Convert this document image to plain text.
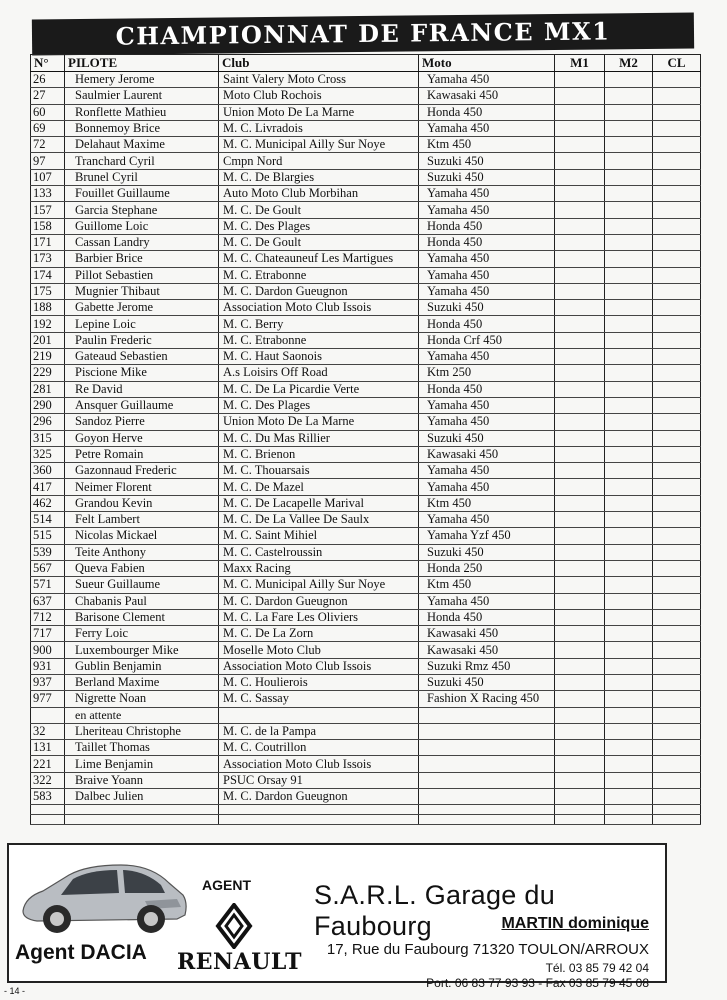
CHAMPIONNAT DE FRANCE MX1
N°	PILOTE	Club	Moto	M1	M2	CL
26	Hemery Jerome	Saint Valery Moto Cross	Yamaha 450			
27	Saulmier Laurent	Moto Club Rochois	Kawasaki 450			
60	Ronflette Mathieu	Union Moto De La Marne	Honda 450			
69	Bonnemoy Brice	M. C. Livradois	Yamaha 450			
72	Delahaut Maxime	M. C. Municipal Ailly Sur Noye	Ktm 450			
97	Tranchard Cyril	Cmpn Nord	Suzuki 450			
107	Brunel Cyril	M. C. De Blargies	Suzuki 450			
133	Fouillet Guillaume	Auto Moto Club Morbihan	Yamaha 450			
157	Garcia Stephane	M. C. De Goult	Yamaha 450			
158	Guillome Loic	M. C. Des Plages	Honda 450			
171	Cassan Landry	M. C. De Goult	Honda 450			
173	Barbier Brice	M. C. Chateauneuf Les Martigues	Yamaha 450			
174	Pillot Sebastien	M. C. Etrabonne	Yamaha 450			
175	Mugnier Thibaut	M. C. Dardon Gueugnon	Yamaha 450			
188	Gabette Jerome	Association Moto Club Issois	Suzuki 450			
192	Lepine Loic	M. C. Berry	Honda 450			
201	Paulin Frederic	M. C. Etrabonne	Honda Crf 450			
219	Gateaud Sebastien	M. C. Haut Saonois	Yamaha 450			
229	Piscione Mike	A.s Loisirs Off Road	Ktm 250			
281	Re David	M. C. De La Picardie Verte	Honda 450			
290	Ansquer Guillaume	M. C. Des Plages	Yamaha 450			
296	Sandoz Pierre	Union Moto De La Marne	Yamaha 450			
315	Goyon Herve	M. C. Du Mas Rillier	Suzuki 450			
325	Petre Romain	M. C. Brienon	Kawasaki 450			
360	Gazonnaud Frederic	M. C. Thouarsais	Yamaha 450			
417	Neimer Florent	M. C. De Mazel	Yamaha 450			
462	Grandou Kevin	M. C. De Lacapelle Marival	Ktm 450			
514	Felt Lambert	M. C. De La Vallee De Saulx	Yamaha 450			
515	Nicolas Mickael	M. C. Saint Mihiel	Yamaha Yzf 450			
539	Teite Anthony	M. C. Castelroussin	Suzuki 450			
567	Queva Fabien	Maxx Racing	Honda 250			
571	Sueur Guillaume	M. C. Municipal Ailly Sur Noye	Ktm 450			
637	Chabanis Paul	M. C. Dardon Gueugnon	Yamaha 450			
712	Barisone Clement	M. C. La Fare Les Oliviers	Honda 450			
717	Ferry Loic	M. C. De La Zorn	Kawasaki 450			
900	Luxembourger Mike	Moselle Moto Club	Kawasaki 450			
931	Gublin Benjamin	Association Moto Club Issois	Suzuki Rmz 450			
937	Berland Maxime	M. C. Houlierois	Suzuki 450			
977	Nigrette Noan	M. C. Sassay	Fashion X Racing 450			
	en attente					
32	Lheriteau Christophe	M. C. de la Pampa				
131	Taillet Thomas	M. C. Coutrillon				
221	Lime Benjamin	Association Moto Club Issois				
322	Braive Yoann	PSUC Orsay 91				
583	Dalbec Julien	M. C. Dardon Gueugnon				

Agent DACIA
AGENT
RENAULT
S.A.R.L. Garage du Faubourg	MARTIN dominique
17, Rue du Faubourg 71320 TOULON/ARROUX
Tél. 03 85 79 42 04
Port. 06 83 77 93 93 - Fax 03 85 79 45 08
- 14 -
